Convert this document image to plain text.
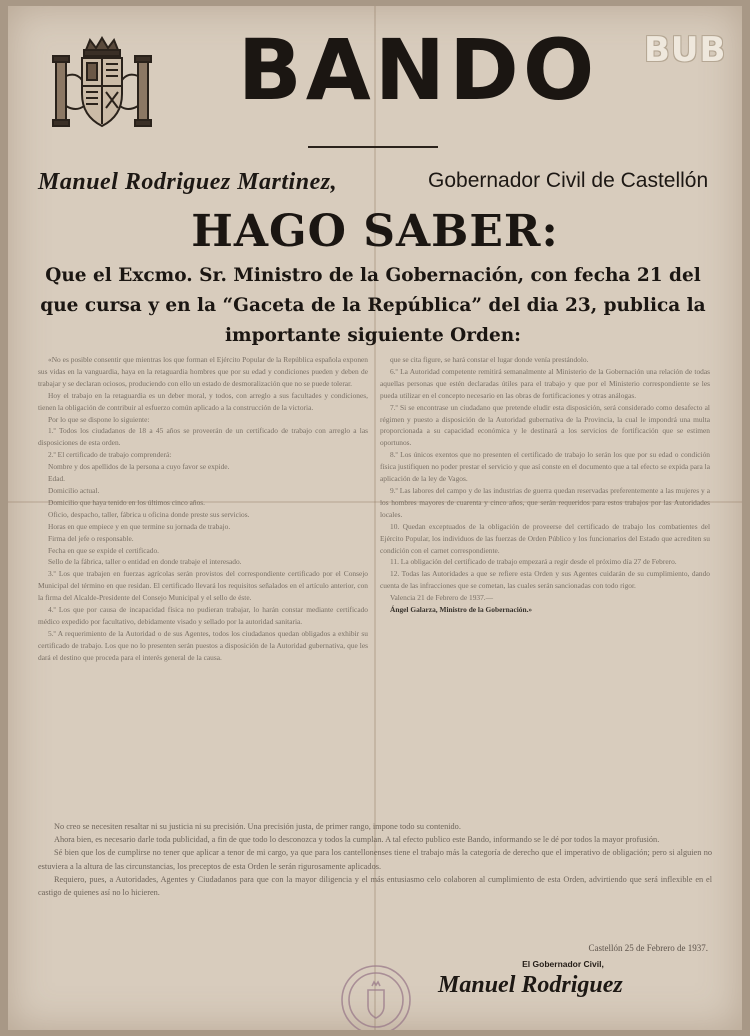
BANDO	BUB
Manuel Rodriguez Martinez,	Gobernador Civil de Castellón
HAGO SABER:
Que el Excmo. Sr. Ministro de la Gobernación, con fecha 21 del que cursa y en la “Gaceta de la República” del dia 23, publica la importante siguiente Orden:

«No es posible consentir que mientras los que forman el Ejército Popular de la República española exponen sus vidas en la vanguardia, haya en la retaguardia hombres que por su edad y condiciones pueden y deben de trabajar y se declaran ociosos, produciendo con ello un estado de desmoralización que no se puede tolerar.

Hoy el trabajo en la retaguardia es un deber moral, y todos, con arreglo a sus facultades y condiciones, tienen la obligación de contribuir al esfuerzo común aplicado a la construcción de la victoria.

Por lo que se dispone lo siguiente:

1.º Todos los ciudadanos de 18 a 45 años se proveerán de un certificado de trabajo con arreglo a las disposiciones de esta orden.

2.º El certificado de trabajo comprenderá:

Nombre y dos apellidos de la persona a cuyo favor se expide.

Edad.

Domicilio actual.

Domicilio que haya tenido en los últimos cinco años.

Oficio, despacho, taller, fábrica u oficina donde preste sus servicios.

Horas en que empiece y en que termine su jornada de trabajo.

Firma del jefe o responsable.

Fecha en que se expide el certificado.

Sello de la fábrica, taller o entidad en donde trabaje el interesado.

3.º Los que trabajen en fuerzas agrícolas serán provistos del correspondiente certificado por el Consejo Municipal del término en que residan. El certificado llevará los requisitos señalados en el artículo anterior, con la firma del Alcalde-Presidente del Consejo Municipal y el sello de éste.

4.º Los que por causa de incapacidad física no pudieran trabajar, lo harán constar mediante certificado médico expedido por facultativo, debidamente visado y sellado por la autoridad sanitaria.

5.º A requerimiento de la Autoridad o de sus Agentes, todos los ciudadanos quedan obligados a exhibir su certificado de trabajo. Los que no lo presenten serán puestos a disposición de la Autoridad gubernativa, que les dará el destino que proceda para el interés general de la causa.

que se cita figure, se hará constar el lugar donde venía prestándolo.

6.º La Autoridad competente remitirá semanalmente al Ministerio de la Gobernación una relación de todas aquellas personas que estén declaradas útiles para el trabajo y que por el Ministerio correspondiente se les pueda utilizar en el concepto necesario en las obras de fortificaciones y otras análogas.

7.º Si se encontrase un ciudadano que pretende eludir esta disposición, será considerado como desafecto al régimen y puesto a disposición de la Autoridad gubernativa de la Provincia, la cual le impondrá una multa proporcionada a su capacidad económica y le destinará a los servicios de fortificación que se estimen oportunos.

8.º Los únicos exentos que no presenten el certificado de trabajo lo serán los que por su edad o condición física justifiquen no poder prestar el servicio y que así conste en el documento que a tal efecto se expida para la aplicación de la ley de Vagos.

9.º Las labores del campo y de las industrias de guerra quedan reservadas preferentemente a las mujeres y a los hombres mayores de cuarenta y cinco años, que serán requeridos para estos trabajos por las Autoridades locales.

10. Quedan exceptuados de la obligación de proveerse del certificado de trabajo los combatientes del Ejército Popular, los individuos de las fuerzas de Orden Público y los funcionarios del Estado que acrediten su condición con el carnet correspondiente.

11. La obligación del certificado de trabajo empezará a regir desde el próximo día 27 de Febrero.

12. Todas las Autoridades a que se refiere esta Orden y sus Agentes cuidarán de su cumplimiento, dando cuenta de las infracciones que se cometan, las cuales serán sancionadas con todo rigor.

Valencia 21 de Febrero de 1937.—

Ángel Galarza, Ministro de la Gobernación.»

No creo se necesiten resaltar ni su justicia ni su precisión. Una precisión justa, de primer rango, impone todo su contenido.

Ahora bien, es necesario darle toda publicidad, a fin de que todo lo desconozca y todos la cumplan. A tal efecto publico este Bando, informando se le dé por todos la mayor profusión.

Sé bien que los de cumplirse no tener que aplicar a tenor de mi cargo, ya que para los cantellonenses tiene el trabajo más la categoría de derecho que el imperativo de obligación; pero si alguien no estuviera a la altura de las circunstancias, los preceptos de esta Orden le serán rigurosamente aplicados.

Requiero, pues, a Autoridades, Agentes y Ciudadanos para que con la mayor diligencia y el más entusiasmo celo colaboren al cumplimiento de esta Orden, advirtiendo que será inflexible en el castigo de quienes así no lo hicieren.

Castellón 25 de Febrero de 1937.
El Gobernador Civil,
Manuel Rodriguez
